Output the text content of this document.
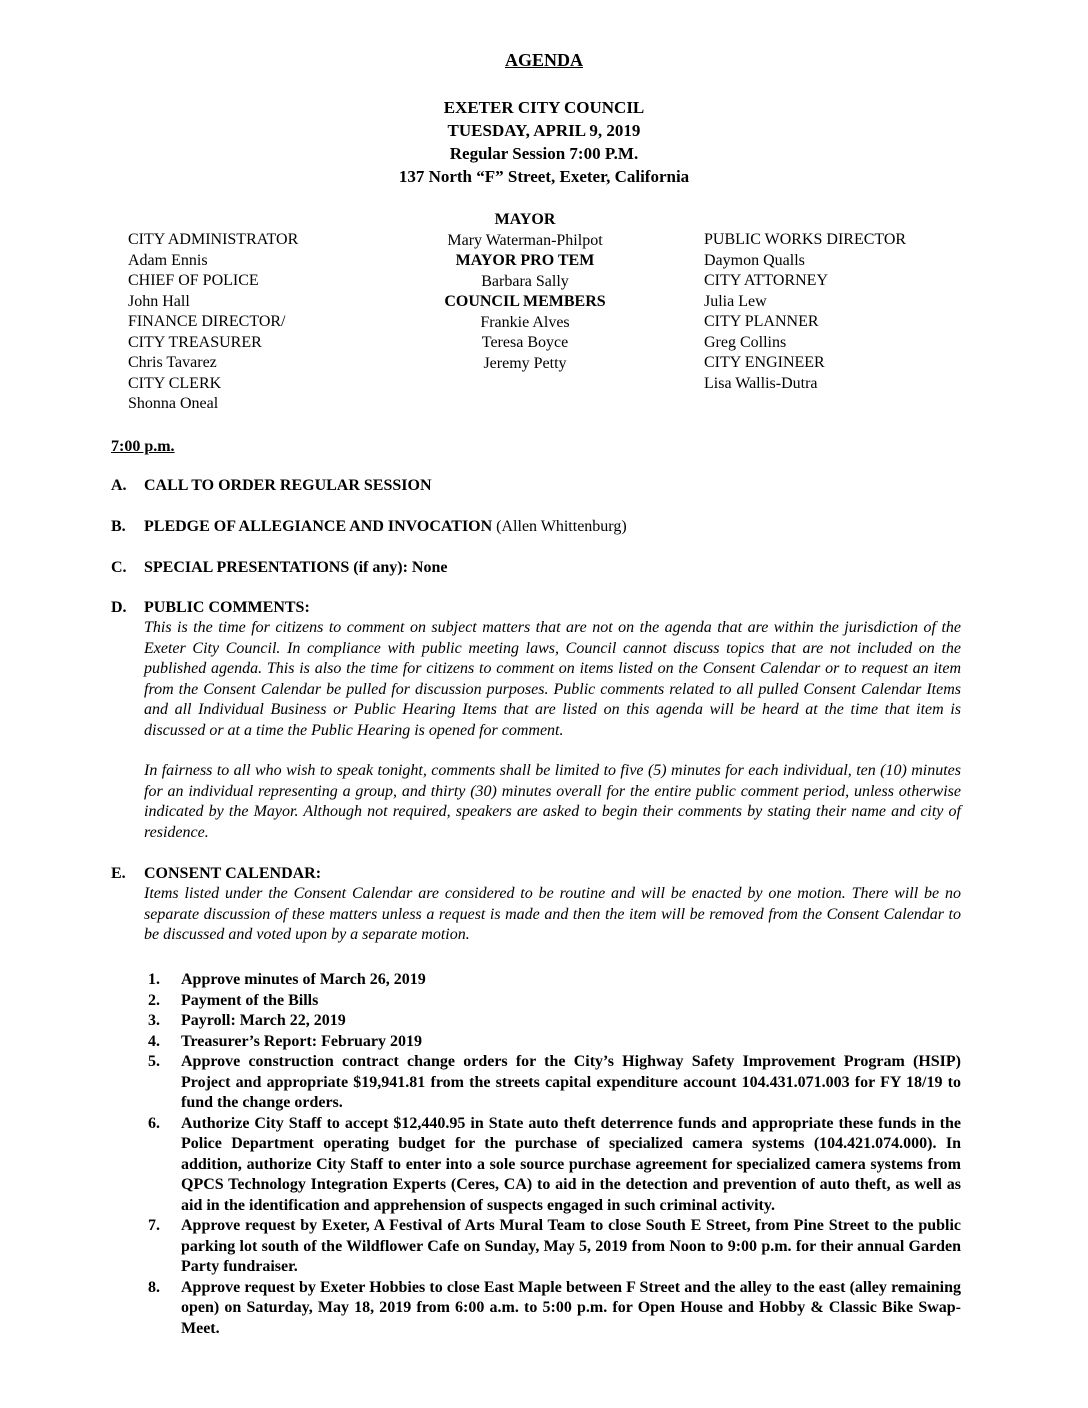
AGENDA
EXETER CITY COUNCIL
TUESDAY, APRIL 9, 2019
Regular Session 7:00 P.M.
137 North “F” Street, Exeter, California
CITY ADMINISTRATOR
Adam Ennis
CHIEF OF POLICE
John Hall
FINANCE DIRECTOR/
CITY TREASURER
Chris Tavarez
CITY CLERK
Shonna Oneal
MAYOR
Mary Waterman-Philpot
MAYOR PRO TEM
Barbara Sally
COUNCIL MEMBERS
Frankie Alves
Teresa Boyce
Jeremy Petty
PUBLIC WORKS DIRECTOR
Daymon Qualls
CITY ATTORNEY
Julia Lew
CITY PLANNER
Greg Collins
CITY ENGINEER
Lisa Wallis-Dutra
7:00 p.m.
A. CALL TO ORDER REGULAR SESSION
B. PLEDGE OF ALLEGIANCE AND INVOCATION (Allen Whittenburg)
C. SPECIAL PRESENTATIONS (if any): None
D. PUBLIC COMMENTS:
This is the time for citizens to comment on subject matters that are not on the agenda that are within the jurisdiction of the Exeter City Council. In compliance with public meeting laws, Council cannot discuss topics that are not included on the published agenda. This is also the time for citizens to comment on items listed on the Consent Calendar or to request an item from the Consent Calendar be pulled for discussion purposes. Public comments related to all pulled Consent Calendar Items and all Individual Business or Public Hearing Items that are listed on this agenda will be heard at the time that item is discussed or at a time the Public Hearing is opened for comment.
In fairness to all who wish to speak tonight, comments shall be limited to five (5) minutes for each individual, ten (10) minutes for an individual representing a group, and thirty (30) minutes overall for the entire public comment period, unless otherwise indicated by the Mayor. Although not required, speakers are asked to begin their comments by stating their name and city of residence.
E. CONSENT CALENDAR:
Items listed under the Consent Calendar are considered to be routine and will be enacted by one motion. There will be no separate discussion of these matters unless a request is made and then the item will be removed from the Consent Calendar to be discussed and voted upon by a separate motion.
1. Approve minutes of March 26, 2019
2. Payment of the Bills
3. Payroll: March 22, 2019
4. Treasurer’s Report: February 2019
5. Approve construction contract change orders for the City’s Highway Safety Improvement Program (HSIP) Project and appropriate $19,941.81 from the streets capital expenditure account 104.431.071.003 for FY 18/19 to fund the change orders.
6. Authorize City Staff to accept $12,440.95 in State auto theft deterrence funds and appropriate these funds in the Police Department operating budget for the purchase of specialized camera systems (104.421.074.000). In addition, authorize City Staff to enter into a sole source purchase agreement for specialized camera systems from QPCS Technology Integration Experts (Ceres, CA) to aid in the detection and prevention of auto theft, as well as aid in the identification and apprehension of suspects engaged in such criminal activity.
7. Approve request by Exeter, A Festival of Arts Mural Team to close South E Street, from Pine Street to the public parking lot south of the Wildflower Cafe on Sunday, May 5, 2019 from Noon to 9:00 p.m. for their annual Garden Party fundraiser.
8. Approve request by Exeter Hobbies to close East Maple between F Street and the alley to the east (alley remaining open) on Saturday, May 18, 2019 from 6:00 a.m. to 5:00 p.m. for Open House and Hobby & Classic Bike Swap-Meet.
